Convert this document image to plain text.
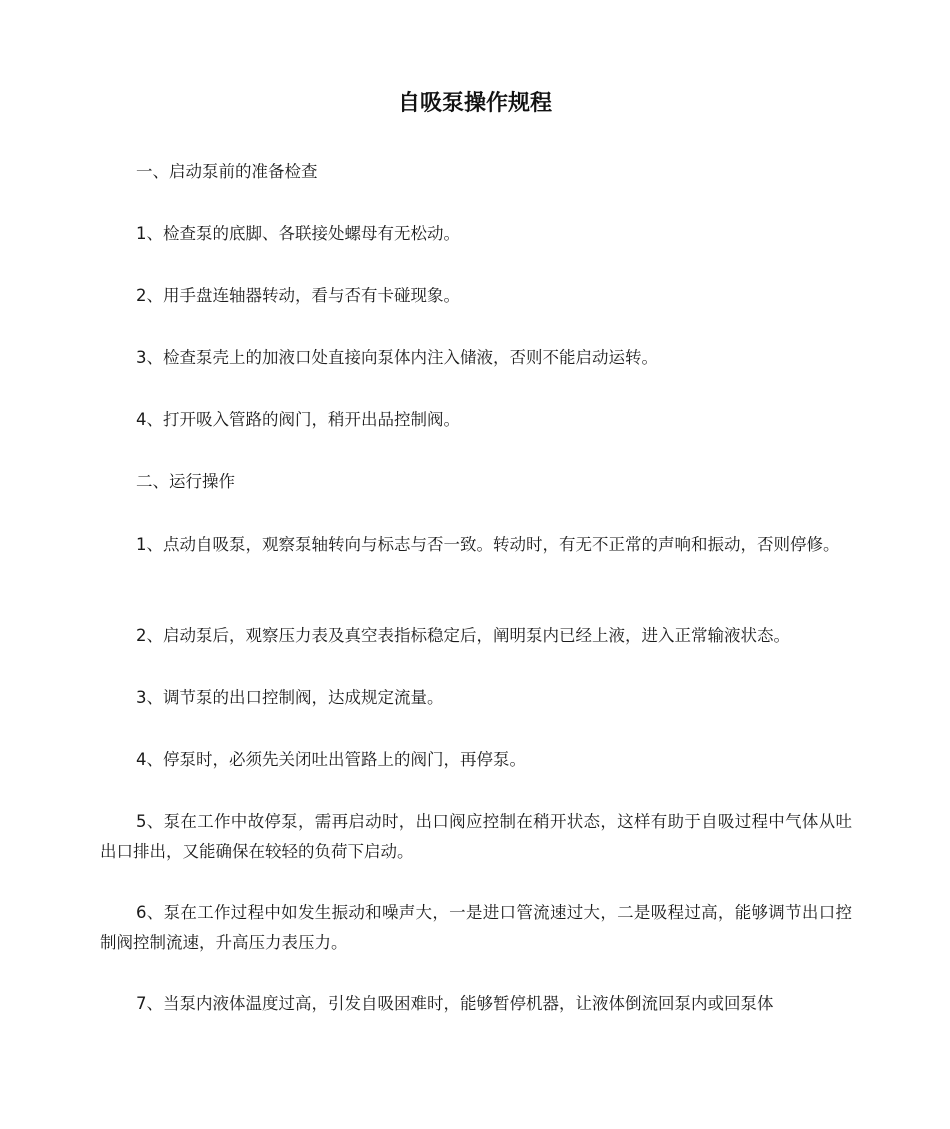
自吸泵操作规程
一、启动泵前的准备检查
1、检查泵的底脚、各联接处螺母有无松动。
2、用手盘连轴器转动，看与否有卡碰现象。
3、检查泵壳上的加液口处直接向泵体内注入储液，否则不能启动运转。
4、打开吸入管路的阀门，稍开出品控制阀。
二、运行操作
1、点动自吸泵，观察泵轴转向与标志与否一致。转动时，有无不正常的声响和振动，否则停修。
2、启动泵后，观察压力表及真空表指标稳定后，阐明泵内已经上液，进入正常输液状态。
3、调节泵的出口控制阀，达成规定流量。
4、停泵时，必须先关闭吐出管路上的阀门，再停泵。
5、泵在工作中故停泵，需再启动时，出口阀应控制在稍开状态，这样有助于自吸过程中气体从吐出口排出，又能确保在较轻的负荷下启动。
6、泵在工作过程中如发生振动和噪声大，一是进口管流速过大，二是吸程过高，能够调节出口控制阀控制流速，升高压力表压力。
7、当泵内液体温度过高，引发自吸困难时，能够暂停机器，让液体倒流回泵内或回泵体
